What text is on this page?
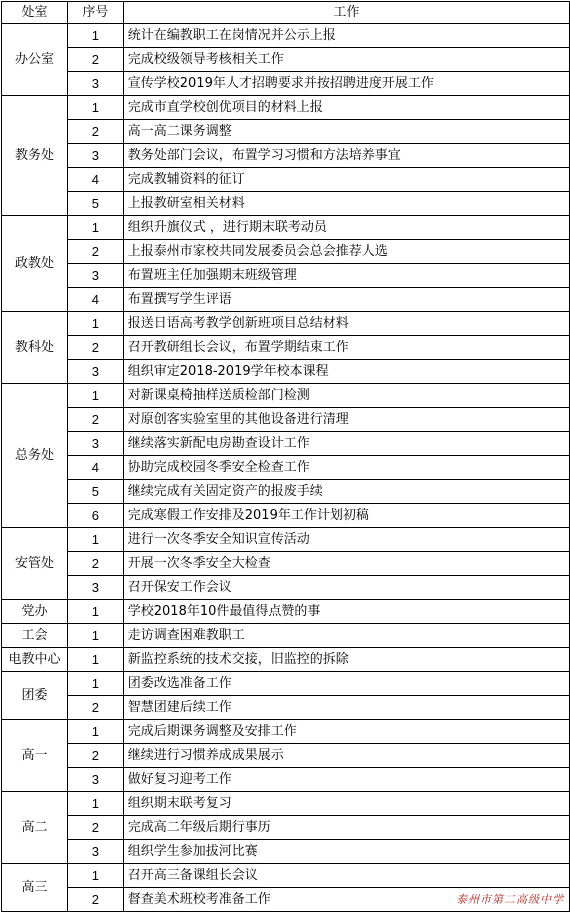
处室	序号	工作
办公室	1	统计在编教职工在岗情况并公示上报
	2	完成校级领导考核相关工作
	3	宣传学校2019年人才招聘要求并按招聘进度开展工作
教务处	1	完成市直学校创优项目的材料上报
	2	高一高二课务调整
	3	教务处部门会议，布置学习习惯和方法培养事宜
	4	完成教辅资料的征订
	5	上报教研室相关材料
政教处	1	组织升旗仪式 ，进行期末联考动员
	2	上报泰州市家校共同发展委员会总会推荐人选
	3	布置班主任加强期末班级管理
	4	布置撰写学生评语
教科处	1	报送日语高考教学创新班项目总结材料
	2	召开教研组长会议，布置学期结束工作
	3	组织审定2018-2019学年校本课程
总务处	1	对新课桌椅抽样送质检部门检测
	2	对原创客实验室里的其他设备进行清理
	3	继续落实新配电房勘查设计工作
	4	协助完成校园冬季安全检查工作
	5	继续完成有关固定资产的报废手续
	6	完成寒假工作安排及2019年工作计划初稿
安管处	1	进行一次冬季安全知识宣传活动
	2	开展一次冬季安全大检查
	3	召开保安工作会议
党办	1	学校2018年10件最值得点赞的事
工会	1	走访调查困难教职工
电教中心	1	新监控系统的技术交接，旧监控的拆除
团委	1	团委改选准备工作
	2	智慧团建后续工作
高一	1	完成后期课务调整及安排工作
	2	继续进行习惯养成成果展示
	3	做好复习迎考工作
高二	1	组织期末联考复习
	2	完成高二年级后期行事历
	3	组织学生参加拔河比赛
高三	1	召开高三备课组长会议
	2	督查美术班校考准备工作	泰州市第二高级中学
